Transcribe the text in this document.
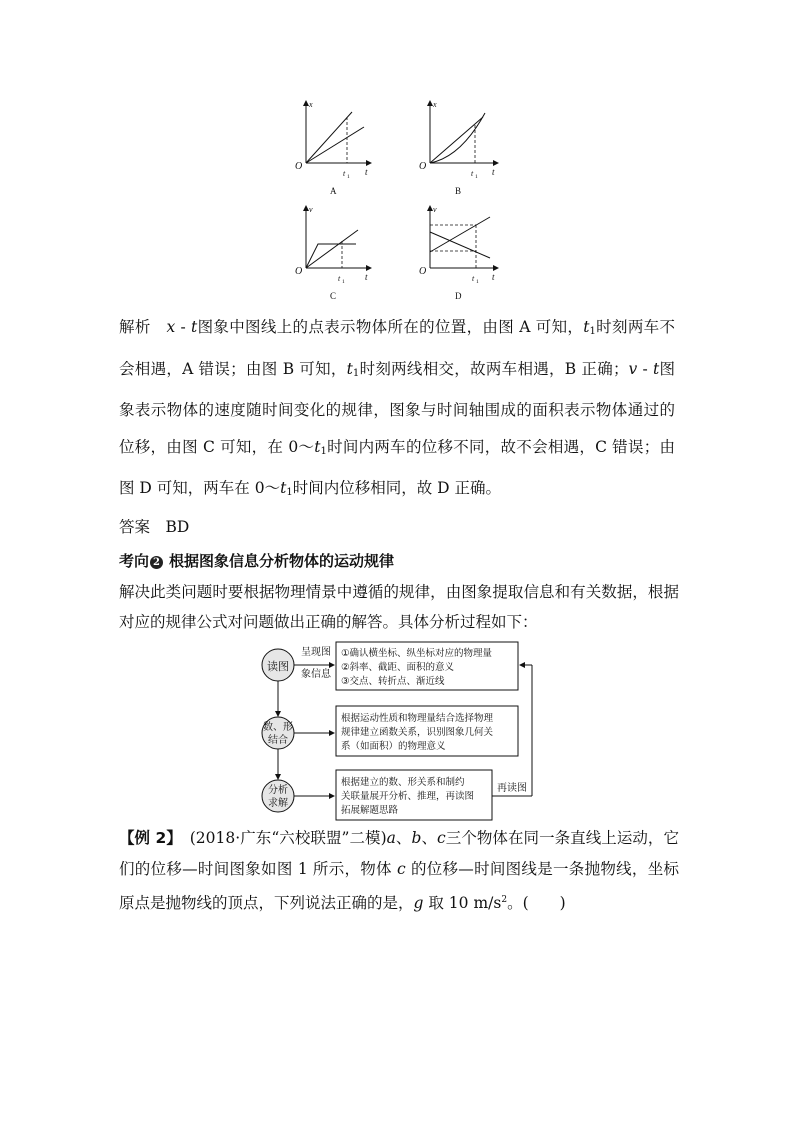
x
t
O
t 1
A
x
t
O
t 1
B
v
t
O
t 1
C
v
t
O
t 1
D
解析　 x - t图象中图线上的点表示物体所在的位置，由图 A 可知，$t_1$时刻两车不会相遇，A 错误；由图 B 可知，$t_1$时刻两线相交，故两车相遇，B 正确；v - t图象表示物体的速度随时间变化的规律，图象与时间轴围成的面积表示物体通过的位移，由图 C 可知，在 $0\sim t_1$时间内两车的位移不同，故不会相遇，C 错误；由图 D 可知，两车在 $0\sim t_1$时间内位移相同，故 D 正确。
答案　 BD
考向 2 根据图象信息分析物体的运动规律
解决此类问题时要根据物理情景中遵循的规律，由图象提取信息和有关数据，根据对应的规律公式对问题做出正确的解答。具体分析过程如下：
读图
数、形
结合
分析
求解
呈现图
象信息
①确认横坐标、纵坐标对应的物理量
②斜率、截距、面积的意义
③交点、转折点、渐近线
根据运动性质和物理量结合选择物理
规律建立函数关系，识别图象几何关
系（如面积）的物理意义
根据建立的数、形关系和制约
关联量展开分析、推理，再读图
拓展解题思路
再读图
【例 2】　 (2018·广东“六校联盟”二模)a、b、c三个物体在同一条直线上运动，它们的位移—时间图象如图 1 所示，物体 c 的位移—时间图线是一条抛物线，坐标原点是抛物线的顶点，下列说法正确的是，g 取 10 $m/s^2$。(　　)
